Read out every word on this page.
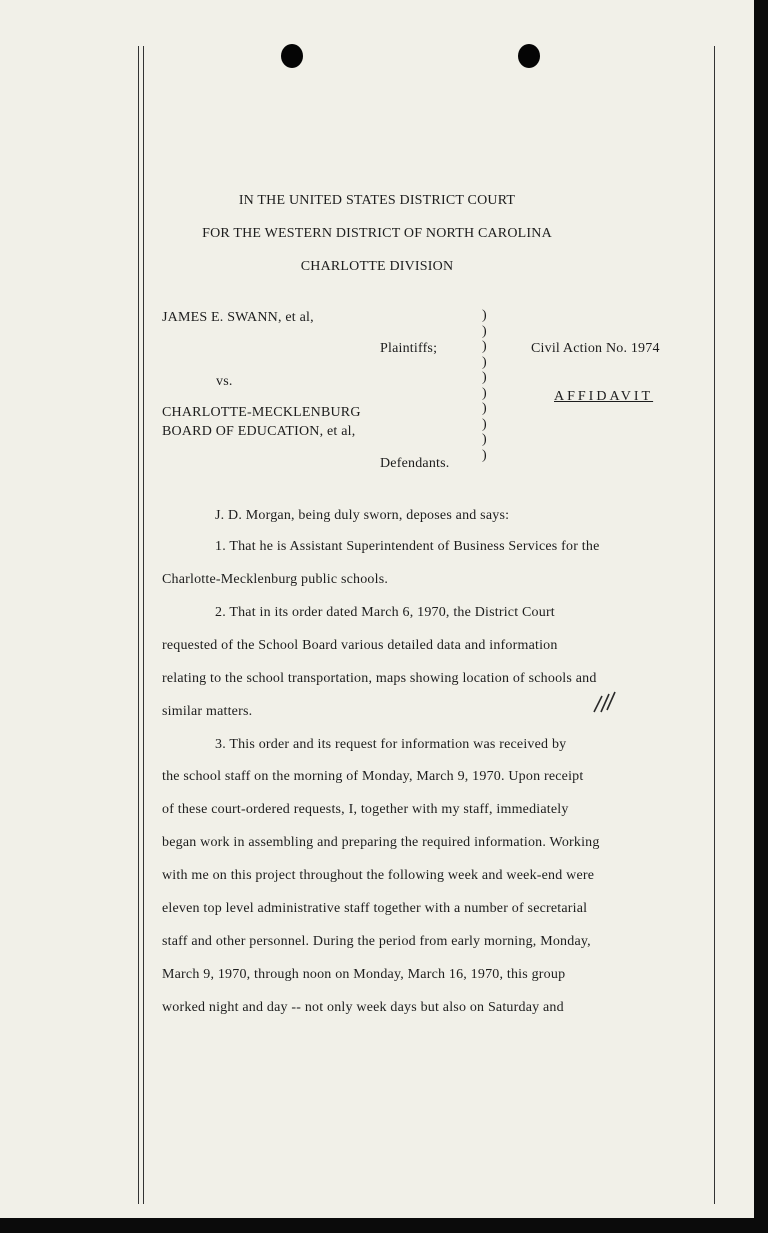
IN THE UNITED STATES DISTRICT COURT

FOR THE WESTERN DISTRICT OF NORTH CAROLINA

CHARLOTTE DIVISION

JAMES E. SWANN, et al,

Plaintiffs;

vs.

CHARLOTTE-MECKLENBURG

BOARD OF EDUCATION, et al,

Defendants.

)
)
)
)
)
)
)
)
)
)

Civil Action No. 1974

AFFIDAVIT

J. D. Morgan, being duly sworn, deposes and says:

1. That he is Assistant Superintendent of Business Services for the

Charlotte-Mecklenburg public schools.

2. That in its order dated March 6, 1970, the District Court

requested of the School Board various detailed data and information

relating to the school transportation, maps showing location of schools and

similar matters.

3. This order and its request for information was received by

the school staff on the morning of Monday, March 9, 1970. Upon receipt

of these court-ordered requests, I, together with my staff, immediately

began work in assembling and preparing the required information. Working

with me on this project throughout the following week and week-end were

eleven top level administrative staff together with a number of secretarial

staff and other personnel. During the period from early morning, Monday,

March 9, 1970, through noon on Monday, March 16, 1970, this group

worked night and day -- not only week days but also on Saturday and
